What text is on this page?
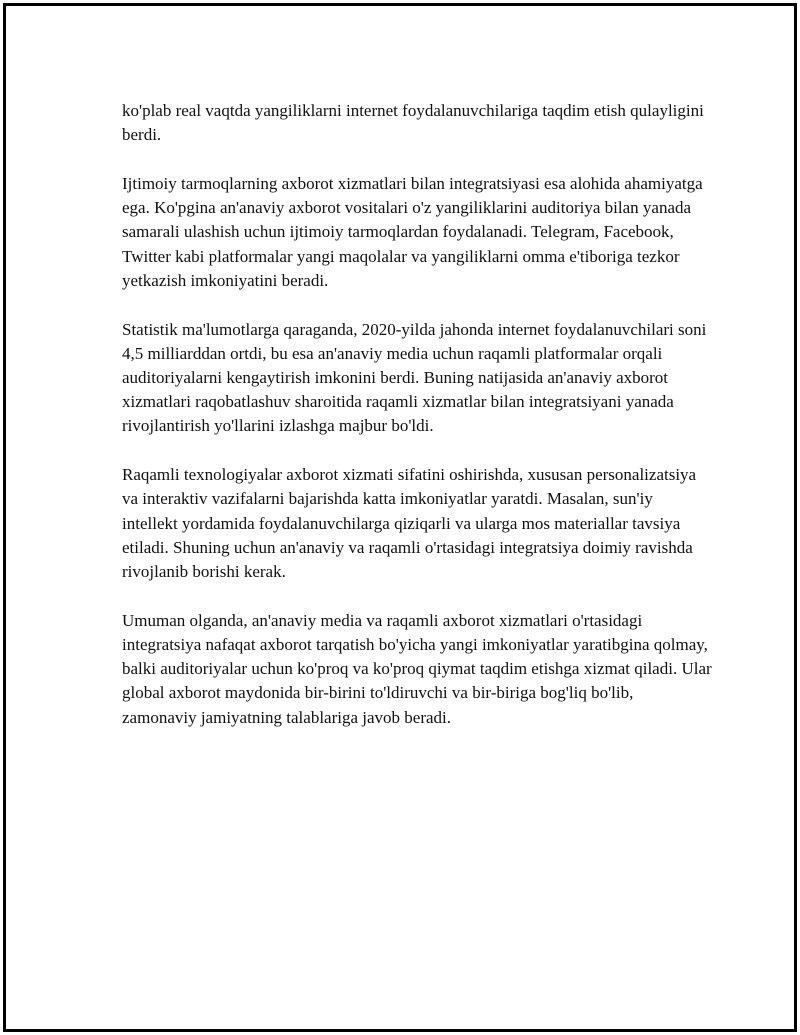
ko'plab real vaqtda yangiliklarni internet foydalanuvchilariga taqdim etish qulayligini berdi.

Ijtimoiy tarmoqlarning axborot xizmatlari bilan integratsiyasi esa alohida ahamiyatga ega. Ko'pgina an'anaviy axborot vositalari o'z yangiliklarini auditoriya bilan yanada samarali ulashish uchun ijtimoiy tarmoqlardan foydalanadi. Telegram, Facebook, Twitter kabi platformalar yangi maqolalar va yangiliklarni omma e'tiboriga tezkor yetkazish imkoniyatini beradi.

Statistik ma'lumotlarga qaraganda, 2020-yilda jahonda internet foydalanuvchilari soni 4,5 milliarddan ortdi, bu esa an'anaviy media uchun raqamli platformalar orqali auditoriyalarni kengaytirish imkonini berdi. Buning natijasida an'anaviy axborot xizmatlari raqobatlashuv sharoitida raqamli xizmatlar bilan integratsiyani yanada rivojlantirish yo'llarini izlashga majbur bo'ldi.

Raqamli texnologiyalar axborot xizmati sifatini oshirishda, xususan personalizatsiya va interaktiv vazifalarni bajarishda katta imkoniyatlar yaratdi. Masalan, sun'iy intellekt yordamida foydalanuvchilarga qiziqarli va ularga mos materiallar tavsiya etiladi. Shuning uchun an'anaviy va raqamli o'rtasidagi integratsiya doimiy ravishda rivojlanib borishi kerak.

Umuman olganda, an'anaviy media va raqamli axborot xizmatlari o'rtasidagi integratsiya nafaqat axborot tarqatish bo'yicha yangi imkoniyatlar yaratibgina qolmay, balki auditoriyalar uchun ko'proq va ko'proq qiymat taqdim etishga xizmat qiladi. Ular global axborot maydonida bir-birini to'ldiruvchi va bir-biriga bog'liq bo'lib, zamonaviy jamiyatning talablariga javob beradi.
